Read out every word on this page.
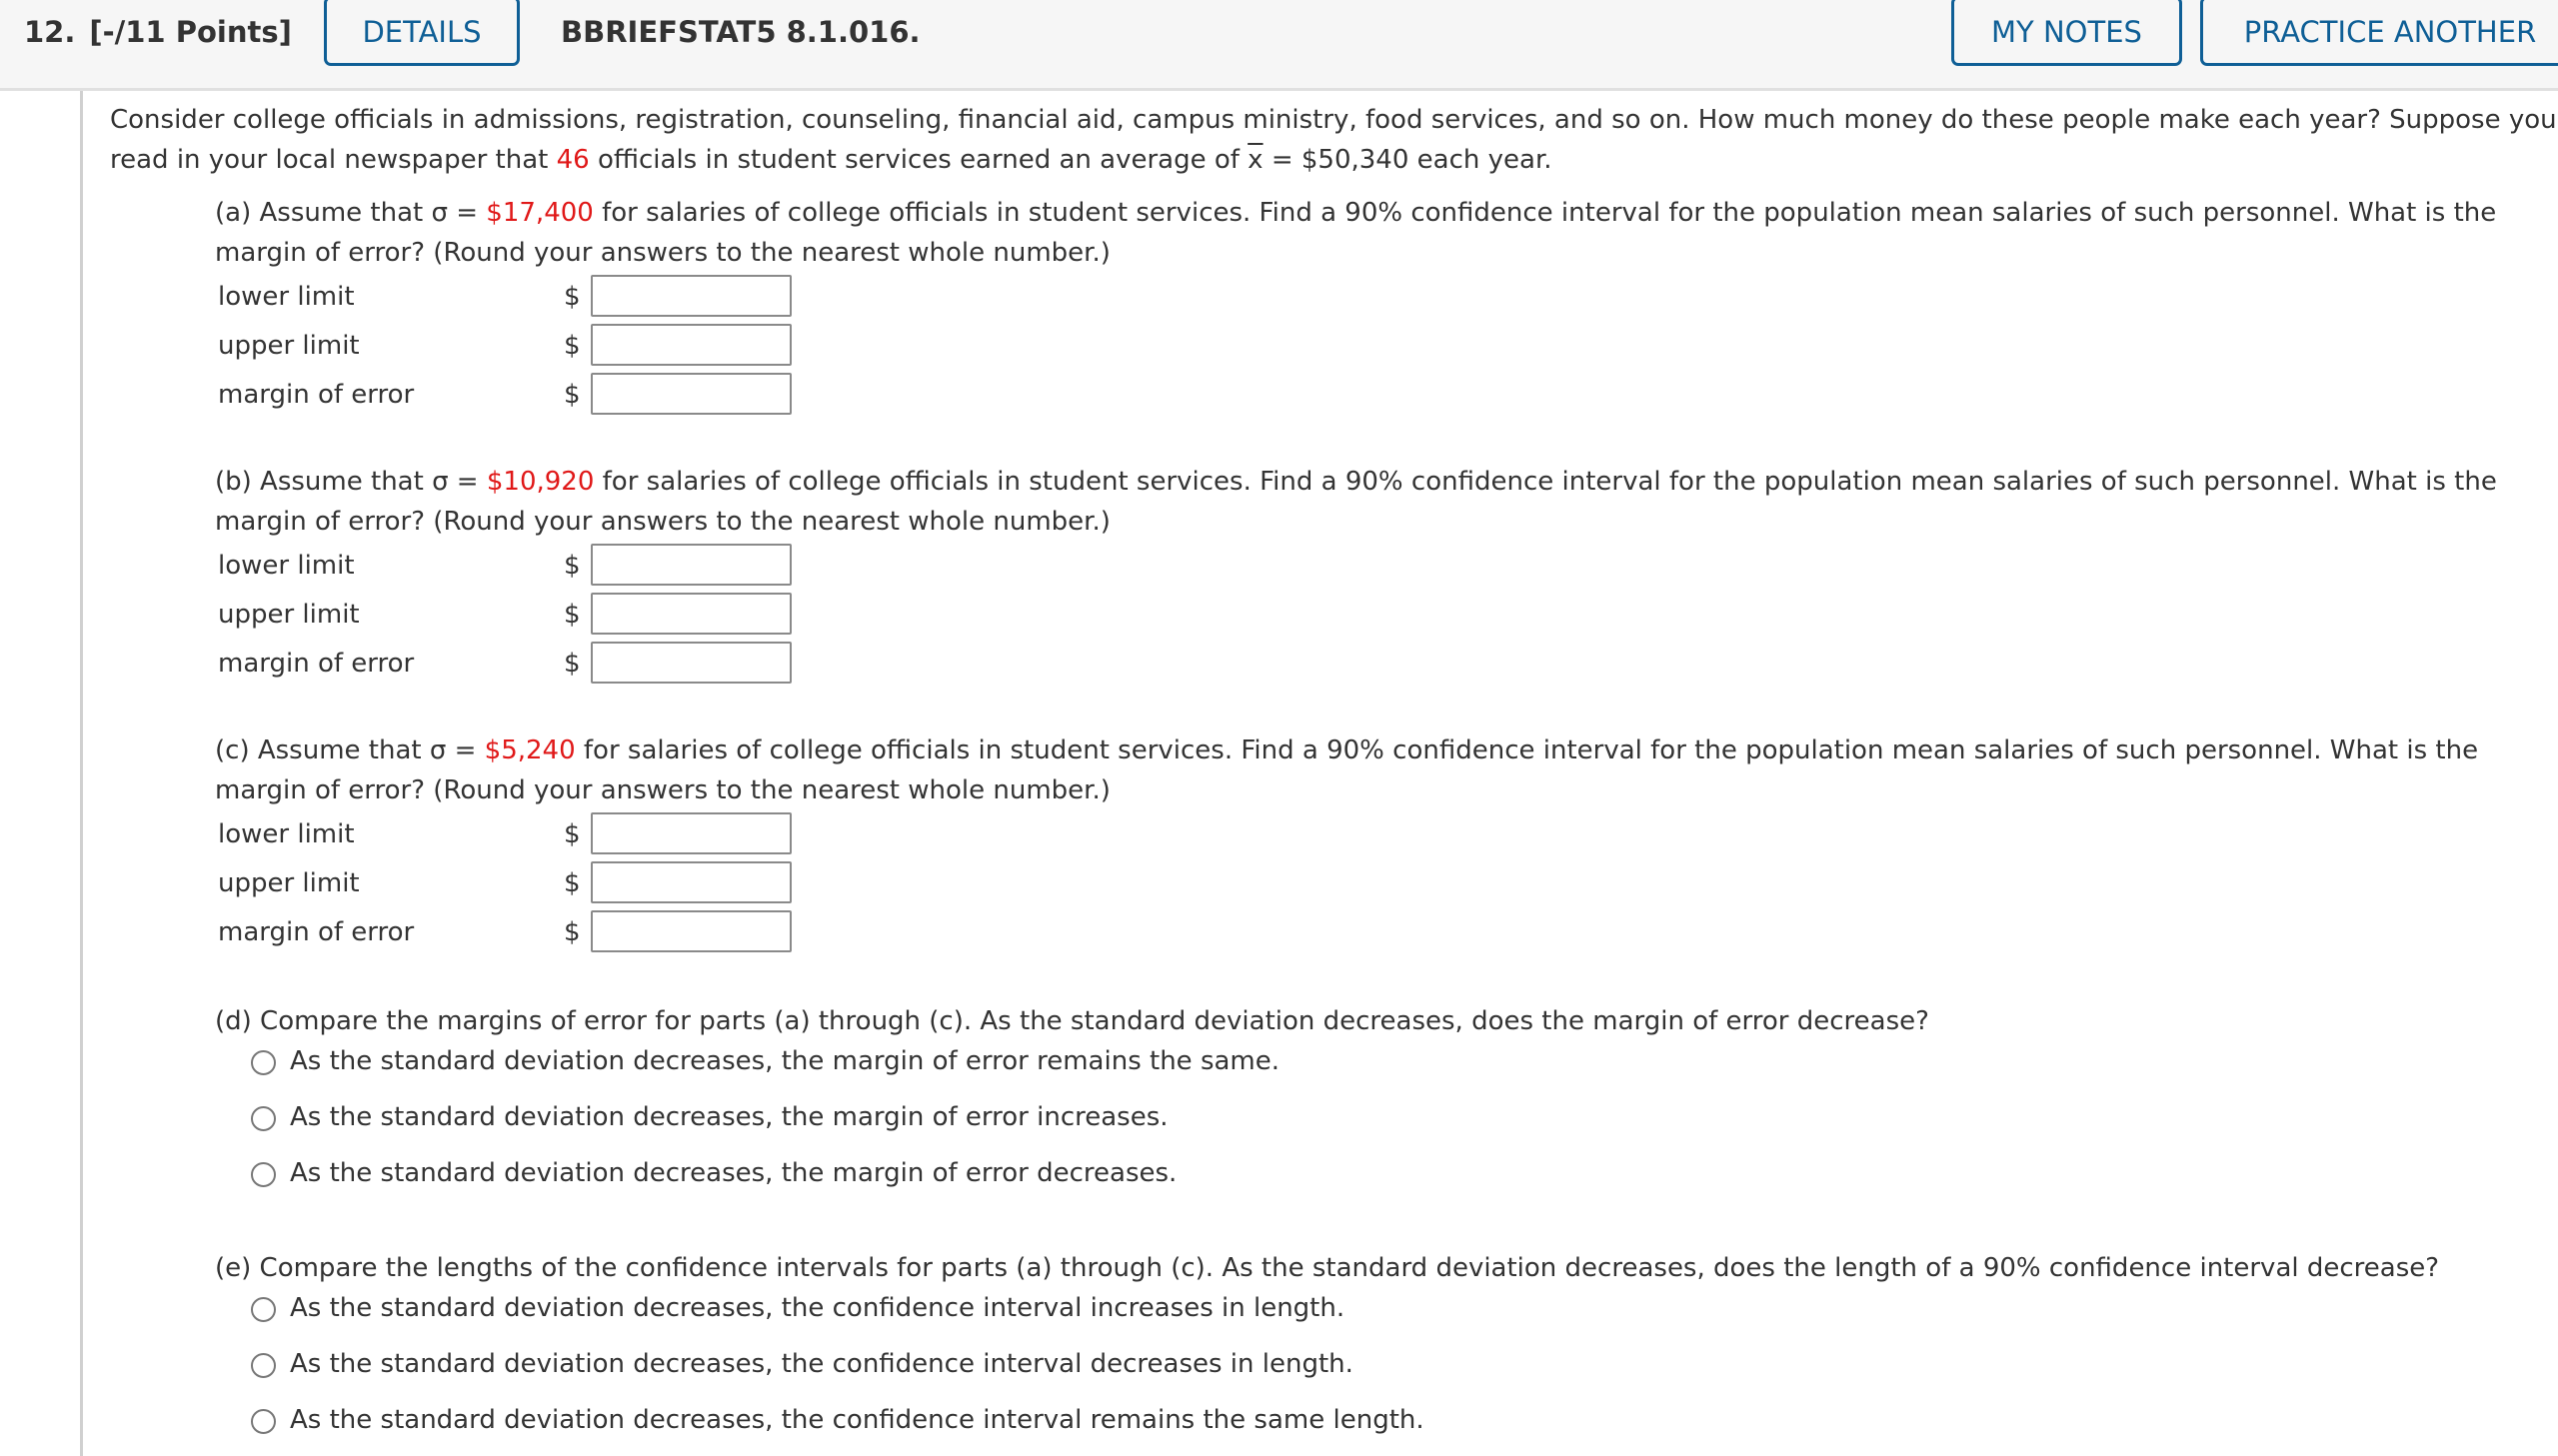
12. [-/11 Points]	DETAILS	BBRIEFSTAT5 8.1.016.	MY NOTES	PRACTICE ANOTHER
Consider college officials in admissions, registration, counseling, financial aid, campus ministry, food services, and so on. How much money do these people make each year? Suppose you
read in your local newspaper that 46 officials in student services earned an average of $\overline{x}$ = $50,340 each year.

(a) Assume that σ = $17,400 for salaries of college officials in student services. Find a 90% confidence interval for the population mean salaries of such personnel. What is the

margin of error? (Round your answers to the nearest whole number.)

lower limit	$
upper limit	$
margin of error	$

(b) Assume that σ = $10,920 for salaries of college officials in student services. Find a 90% confidence interval for the population mean salaries of such personnel. What is the

margin of error? (Round your answers to the nearest whole number.)

lower limit	$
upper limit	$
margin of error	$

(c) Assume that σ = $5,240 for salaries of college officials in student services. Find a 90% confidence interval for the population mean salaries of such personnel. What is the

margin of error? (Round your answers to the nearest whole number.)

lower limit	$
upper limit	$
margin of error	$

(d) Compare the margins of error for parts (a) through (c). As the standard deviation decreases, does the margin of error decrease?

As the standard deviation decreases, the margin of error remains the same.
As the standard deviation decreases, the margin of error increases.
As the standard deviation decreases, the margin of error decreases.

(e) Compare the lengths of the confidence intervals for parts (a) through (c). As the standard deviation decreases, does the length of a 90% confidence interval decrease?

As the standard deviation decreases, the confidence interval increases in length.
As the standard deviation decreases, the confidence interval decreases in length.
As the standard deviation decreases, the confidence interval remains the same length.
